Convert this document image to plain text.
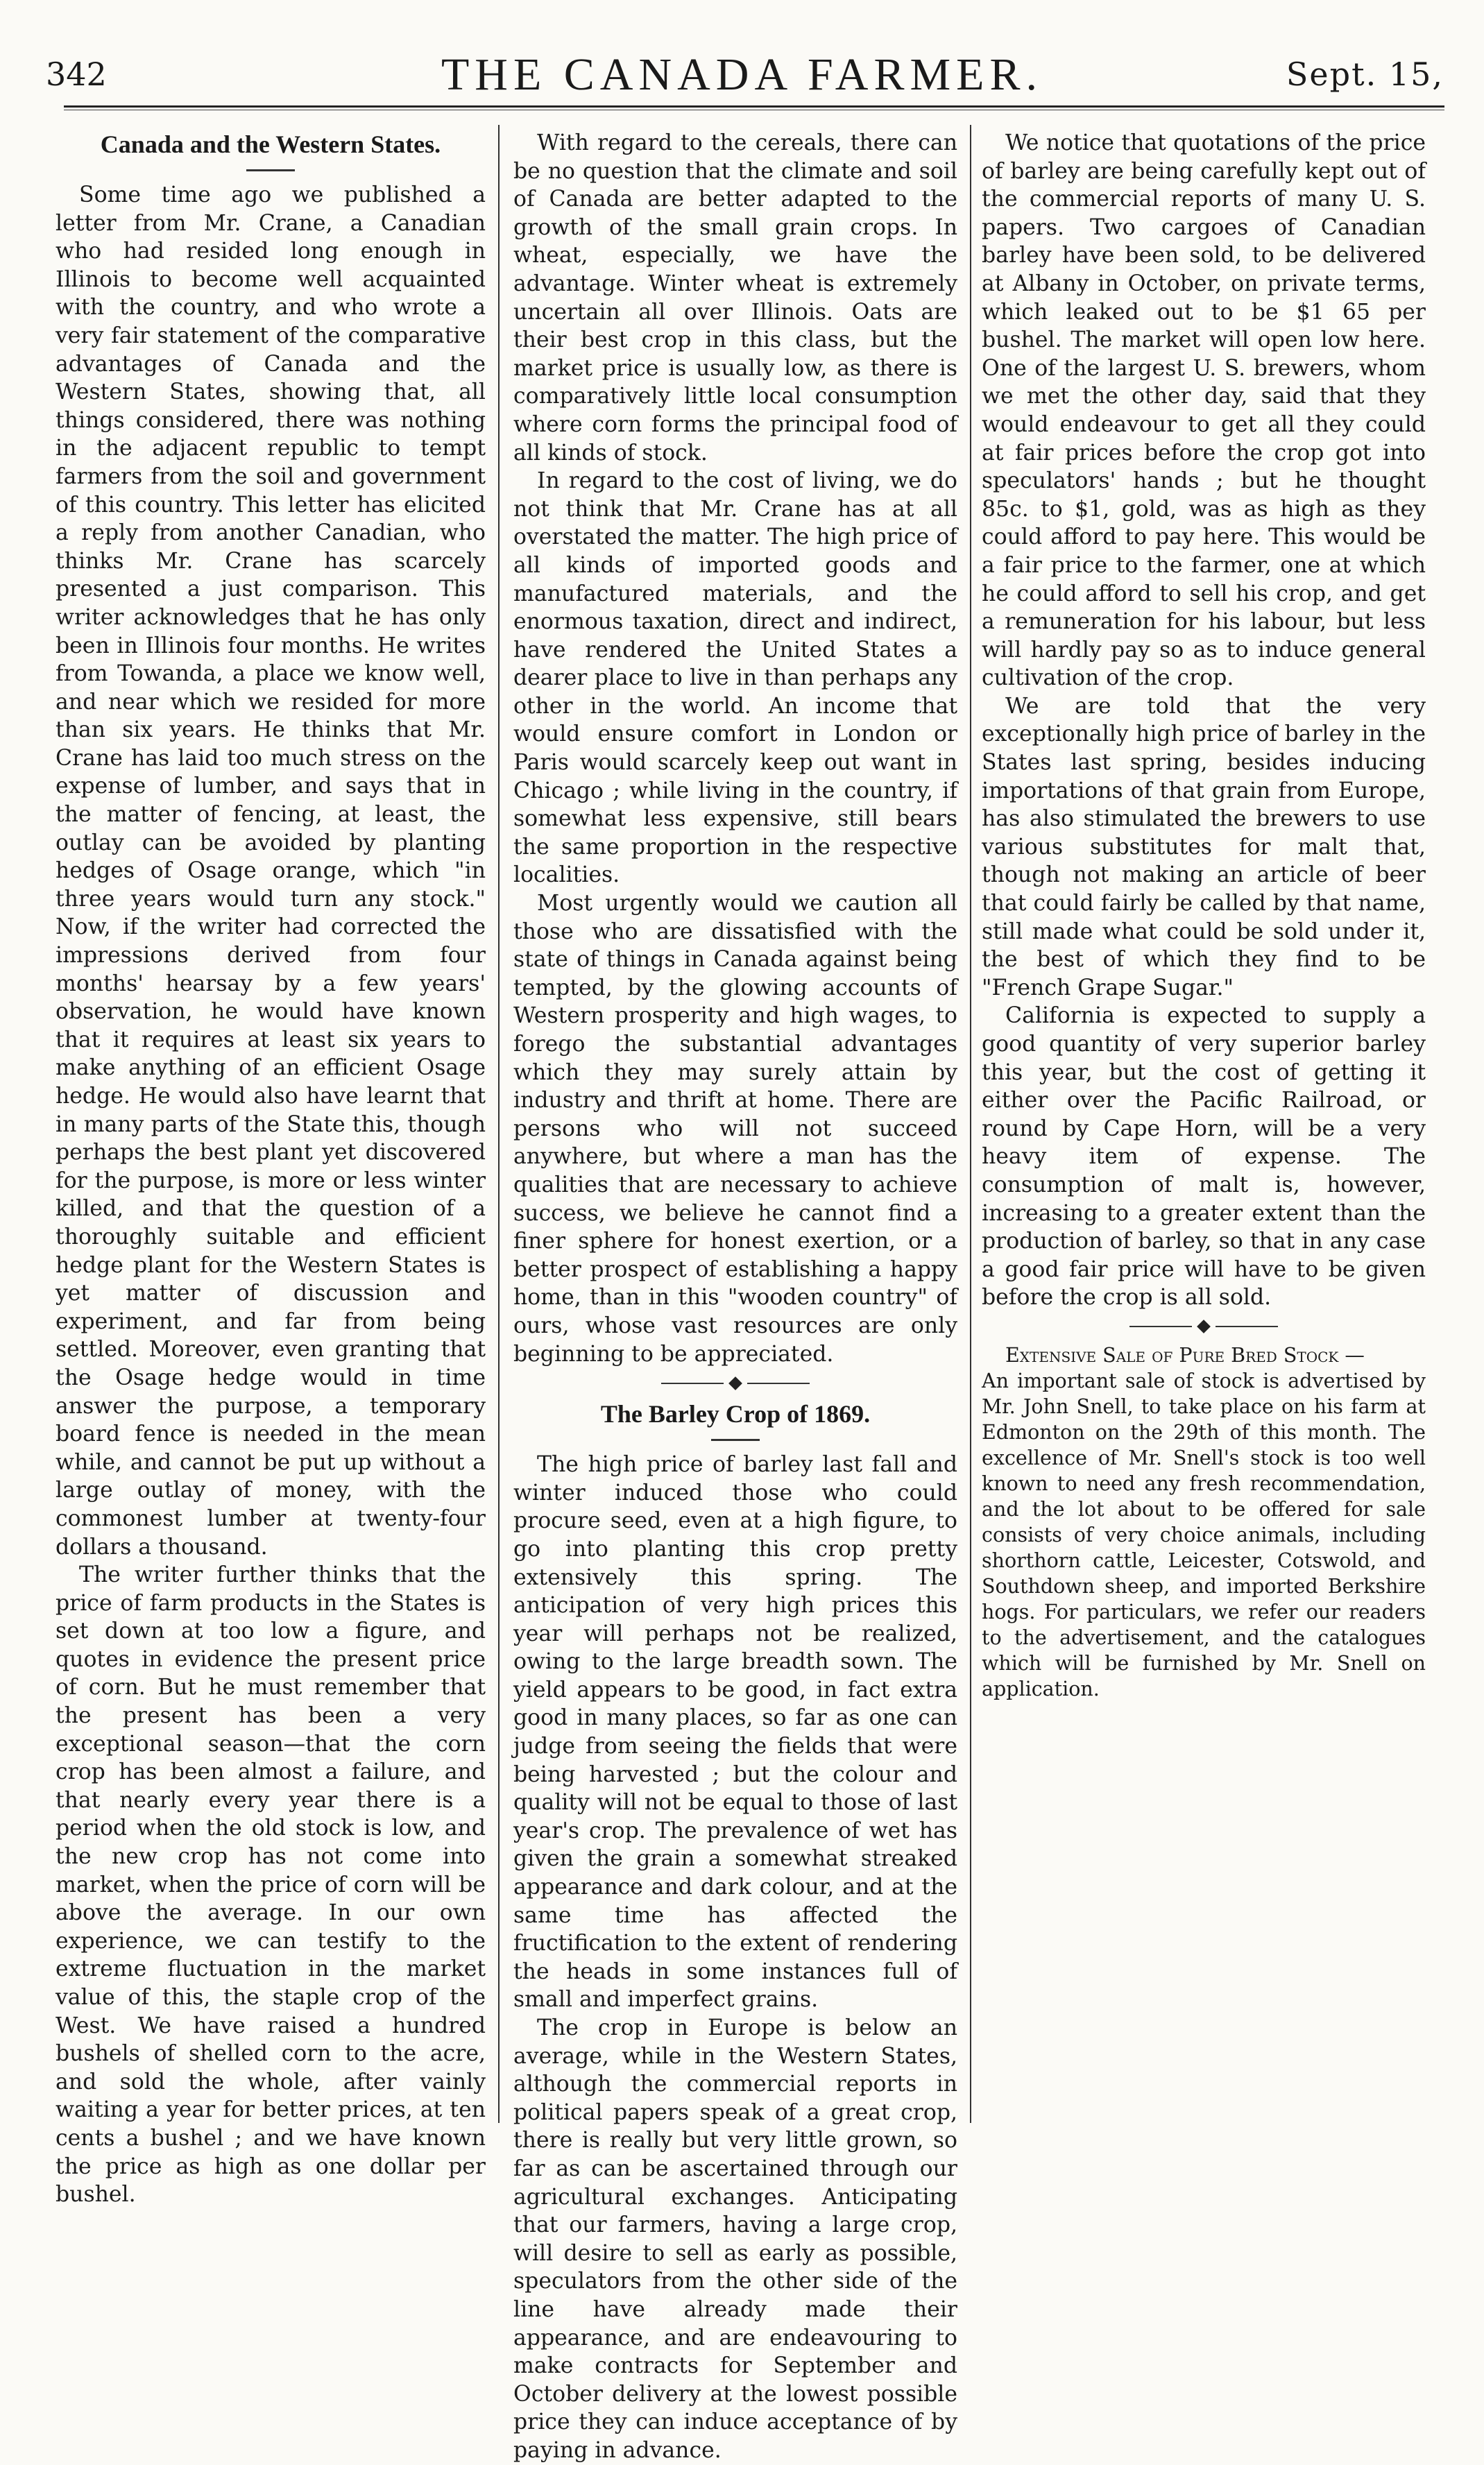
342	THE CANADA FARMER.	Sept. 15,
Canada and the Western States.

Some time ago we published a letter from Mr. Crane, a Canadian who had resided long enough in Illinois to become well acquainted with the country, and who wrote a very fair statement of the comparative advantages of Canada and the Western States, showing that, all things considered, there was nothing in the adjacent republic to tempt farmers from the soil and government of this country. This letter has elicited a reply from another Canadian, who thinks Mr. Crane has scarcely presented a just comparison. This writer acknowledges that he has only been in Illinois four months. He writes from Towanda, a place we know well, and near which we resided for more than six years. He thinks that Mr. Crane has laid too much stress on the expense of lumber, and says that in the matter of fencing, at least, the outlay can be avoided by planting hedges of Osage orange, which "in three years would turn any stock." Now, if the writer had corrected the impressions derived from four months' hearsay by a few years' observation, he would have known that it requires at least six years to make anything of an efficient Osage hedge. He would also have learnt that in many parts of the State this, though perhaps the best plant yet discovered for the purpose, is more or less winter killed, and that the question of a thoroughly suitable and efficient hedge plant for the Western States is yet matter of discussion and experiment, and far from being settled. Moreover, even granting that the Osage hedge would in time answer the purpose, a temporary board fence is needed in the mean while, and cannot be put up without a large outlay of money, with the commonest lumber at twenty-four dollars a thousand.

The writer further thinks that the price of farm products in the States is set down at too low a figure, and quotes in evidence the present price of corn. But he must remember that the present has been a very exceptional season—that the corn crop has been almost a failure, and that nearly every year there is a period when the old stock is low, and the new crop has not come into market, when the price of corn will be above the average. In our own experience, we can testify to the extreme fluctuation in the market value of this, the staple crop of the West. We have raised a hundred bushels of shelled corn to the acre, and sold the whole, after vainly waiting a year for better prices, at ten cents a bushel ; and we have known the price as high as one dollar per bushel.

With regard to the cereals, there can be no question that the climate and soil of Canada are better adapted to the growth of the small grain crops. In wheat, especially, we have the advantage. Winter wheat is extremely uncertain all over Illinois. Oats are their best crop in this class, but the market price is usually low, as there is comparatively little local consumption where corn forms the principal food of all kinds of stock.

In regard to the cost of living, we do not think that Mr. Crane has at all overstated the matter. The high price of all kinds of imported goods and manufactured materials, and the enormous taxation, direct and indirect, have rendered the United States a dearer place to live in than perhaps any other in the world. An income that would ensure comfort in London or Paris would scarcely keep out want in Chicago ; while living in the country, if somewhat less expensive, still bears the same proportion in the respective localities.

Most urgently would we caution all those who are dissatisfied with the state of things in Canada against being tempted, by the glowing accounts of Western prosperity and high wages, to forego the substantial advantages which they may surely attain by industry and thrift at home. There are persons who will not succeed anywhere, but where a man has the qualities that are necessary to achieve success, we believe he cannot find a finer sphere for honest exertion, or a better prospect of establishing a happy home, than in this "wooden country" of ours, whose vast resources are only beginning to be appreciated.

The Barley Crop of 1869.

The high price of barley last fall and winter induced those who could procure seed, even at a high figure, to go into planting this crop pretty extensively this spring. The anticipation of very high prices this year will perhaps not be realized, owing to the large breadth sown. The yield appears to be good, in fact extra good in many places, so far as one can judge from seeing the fields that were being harvested ; but the colour and quality will not be equal to those of last year's crop. The prevalence of wet has given the grain a somewhat streaked appearance and dark colour, and at the same time has affected the fructification to the extent of rendering the heads in some instances full of small and imperfect grains.

The crop in Europe is below an average, while in the Western States, although the commercial reports in political papers speak of a great crop, there is really but very little grown, so far as can be ascertained through our agricultural exchanges. Anticipating that our farmers, having a large crop, will desire to sell as early as possible, speculators from the other side of the line have already made their appearance, and are endeavouring to make contracts for September and October delivery at the lowest possible price they can induce acceptance of by paying in advance.

We notice that quotations of the price of barley are being carefully kept out of the commercial reports of many U. S. papers. Two cargoes of Canadian barley have been sold, to be delivered at Albany in October, on private terms, which leaked out to be $1 65 per bushel. The market will open low here. One of the largest U. S. brewers, whom we met the other day, said that they would endeavour to get all they could at fair prices before the crop got into speculators' hands ; but he thought 85c. to $1, gold, was as high as they could afford to pay here. This would be a fair price to the farmer, one at which he could afford to sell his crop, and get a remuneration for his labour, but less will hardly pay so as to induce general cultivation of the crop.

We are told that the very exceptionally high price of barley in the States last spring, besides inducing importations of that grain from Europe, has also stimulated the brewers to use various substitutes for malt that, though not making an article of beer that could fairly be called by that name, still made what could be sold under it, the best of which they find to be "French Grape Sugar."

California is expected to supply a good quantity of very superior barley this year, but the cost of getting it either over the Pacific Railroad, or round by Cape Horn, will be a very heavy item of expense. The consumption of malt is, however, increasing to a greater extent than the production of barley, so that in any case a good fair price will have to be given before the crop is all sold.

Extensive Sale of Pure Bred Stock —

An important sale of stock is advertised by Mr. John Snell, to take place on his farm at Edmonton on the 29th of this month. The excellence of Mr. Snell's stock is too well known to need any fresh recommendation, and the lot about to be offered for sale consists of very choice animals, including shorthorn cattle, Leicester, Cotswold, and Southdown sheep, and imported Berkshire hogs. For particulars, we refer our readers to the advertisement, and the catalogues which will be furnished by Mr. Snell on application.
